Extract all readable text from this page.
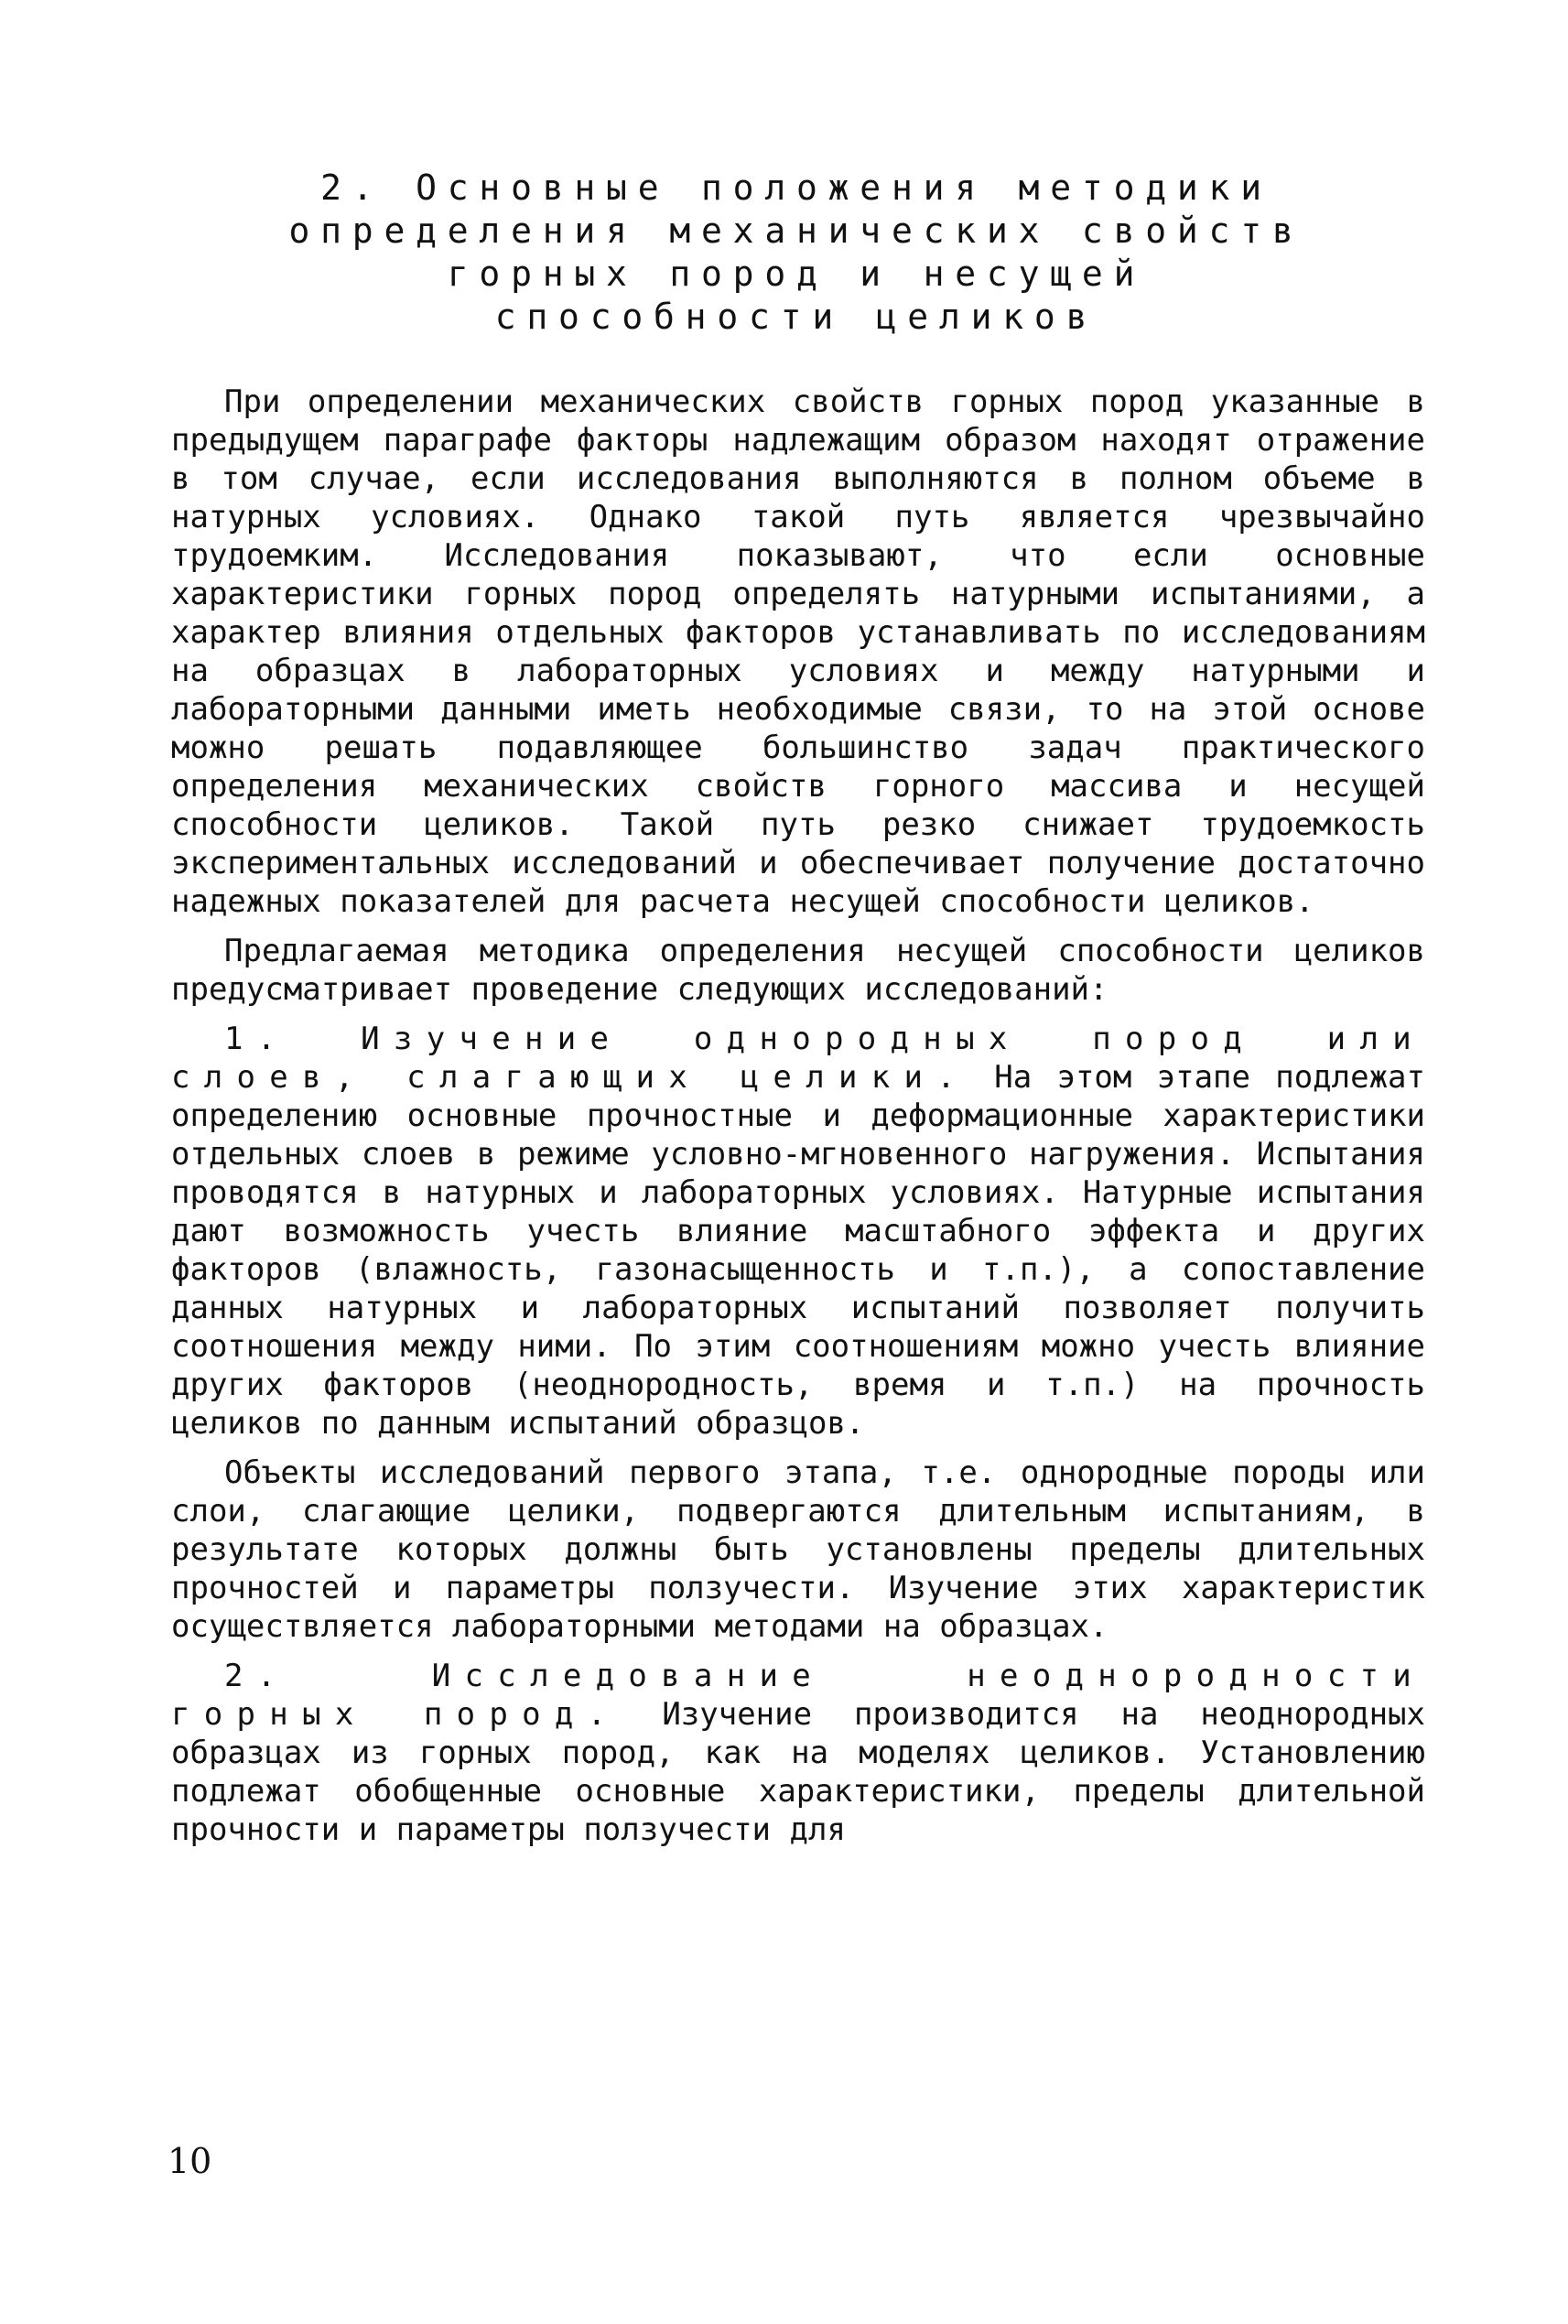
2. Основные положения методики
определения механических свойств
горных пород и несущей
способности целиков

При определении механических свойств горных пород указанные в предыдущем параграфе факторы надлежащим образом находят отражение в том случае, если исследования выполняются в полном объеме в натурных условиях. Однако такой путь является чрезвычайно трудоемким. Исследования показывают, что если основные характеристики горных пород определять натурными испытаниями, а характер влияния отдельных факторов устанавливать по исследованиям на образцах в лабораторных условиях и между натурными и лабораторными данными иметь необходимые связи, то на этой основе можно решать подавляющее большинство задач практического определения механических свойств горного массива и несущей способности целиков. Такой путь резко снижает трудоемкость экспериментальных исследований и обеспечивает получение достаточно надежных показателей для расчета несущей способности целиков.

Предлагаемая методика определения несущей способности целиков предусматривает проведение следующих исследований:

1. Изучение однородных пород или слоев, слагающих целики. На этом этапе подлежат определению основные прочностные и деформационные характеристики отдельных слоев в режиме условно-мгновенного нагружения. Испытания проводятся в натурных и лабораторных условиях. Натурные испытания дают возможность учесть влияние масштабного эффекта и других факторов (влажность, газонасыщенность и т.п.), а сопоставление данных натурных и лабораторных испытаний позволяет получить соотношения между ними. По этим соотношениям можно учесть влияние других факторов (неоднородность, время и т.п.) на прочность целиков по данным испытаний образцов.

Объекты исследований первого этапа, т.е. однородные породы или слои, слагающие целики, подвергаются длительным испытаниям, в результате которых должны быть установлены пределы длительных прочностей и параметры ползучести. Изучение этих характеристик осуществляется лабораторными методами на образцах.

2. Исследование неоднородности горных пород. Изучение производится на неоднородных образцах из горных пород, как на моделях целиков. Установлению подлежат обобщенные основные характеристики, пределы длительной прочности и параметры ползучести для

10
